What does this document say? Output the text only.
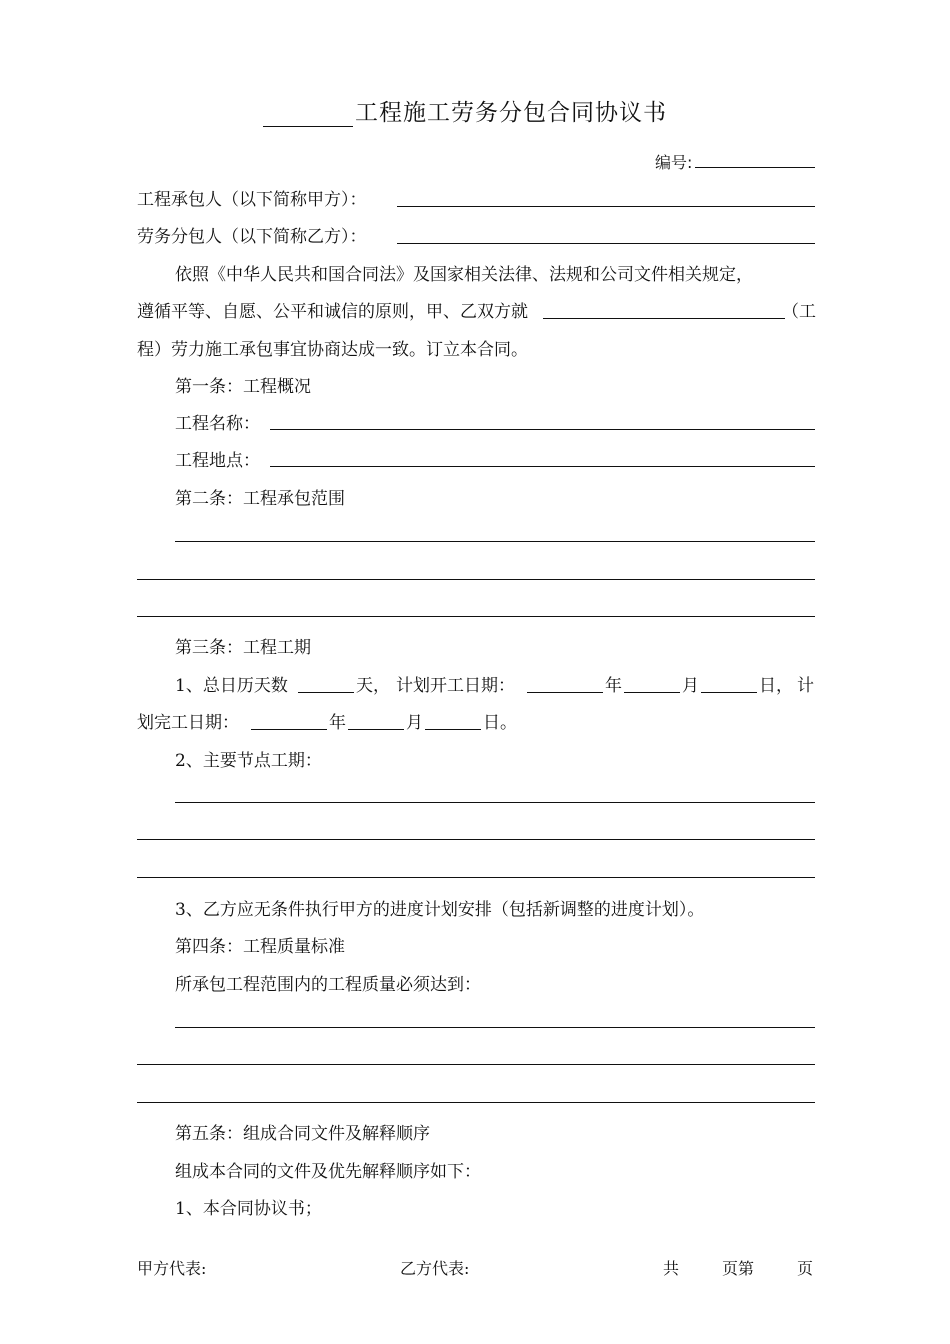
工程施工劳务分包合同协议书
编号:
工程承包人（以下简称甲方）：
劳务分包人（以下简称乙方）：
依照《中华人民共和国合同法》及国家相关法律、法规和公司文件相关规定，
遵循平等、自愿、公平和诚信的原则，甲、乙双方就	（工
程）劳力施工承包事宜协商达成一致。订立本合同。
第一条：工程概况
工程名称：
工程地点：
第二条：工程承包范围
第三条：工程工期
1、总日历天数	天， 计划开工日期：	年	月	日， 计
划完工日期：	年	月	日。
2、主要节点工期：
3、乙方应无条件执行甲方的进度计划安排（包括新调整的进度计划）。
第四条：工程质量标准
所承包工程范围内的工程质量必须达到：
第五条：组成合同文件及解释顺序
组成本合同的文件及优先解释顺序如下：
1、本合同协议书；
甲方代表:	乙方代表:	共	页第	页
